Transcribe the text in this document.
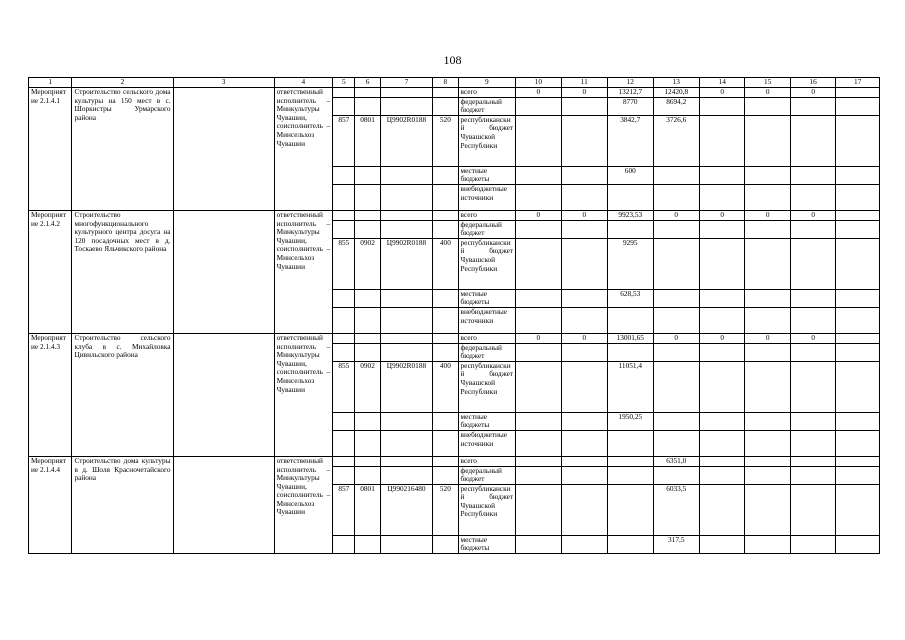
108
1	2	3	4	5	6	7	8	9	10	11	12	13	14	15	16	17
Мероприятие 2.1.4.1	Строительство сельского дома культуры на 150 мест в с. Шоркистры Урмарского района		ответственный исполнитель – Минкультуры Чувашии, соисполнитель – Минсельхоз Чувашии					всего	0	0	13212,7	12420,8	0	0	0	
								федеральный бюджет			8770	8694,2				
				857	0801	Ц9902R0188	520	республиканский бюджет Чувашской Республики			3842,7	3726,6				
								местные бюджеты			600					
								внебюджетные источники								
Мероприятие 2.1.4.2	Строительство многофункционального культурного центра досуга на 120 посадочных мест в д. Тоскаево Яльчикского района		ответственный исполнитель – Минкультуры Чувашии, соисполнитель – Минсельхоз Чувашии					всего	0	0	9923,53	0	0	0	0	
								федеральный бюджет								
				855	0902	Ц9902R0188	400	республиканский бюджет Чувашской Республики			9295					
								местные бюджеты			628,53					
								внебюджетные источники								
Мероприятие 2.1.4.3	Строительство сельского клуба в с. Михайловка Цивильского района		ответственный исполнитель – Минкультуры Чувашии, соисполнитель – Минсельхоз Чувашии					всего	0	0	13001,65	0	0	0	0	
								федеральный бюджет								
				855	0902	Ц9902R0188	400	республиканский бюджет Чувашской Республики			11051,4					
								местные бюджеты			1950,25					
								внебюджетные источники								
Мероприятие 2.1.4.4	Строительство дома культуры в д. Шоля Красночетайского района		ответственный исполнитель – Минкультуры Чувашии, соисполнитель – Минсельхоз Чувашии					всего				6351,0				
								федеральный бюджет								
				857	0801	Ц990216480	520	республиканский бюджет Чувашской Республики				6033,5				
								местные бюджеты				317,5				
